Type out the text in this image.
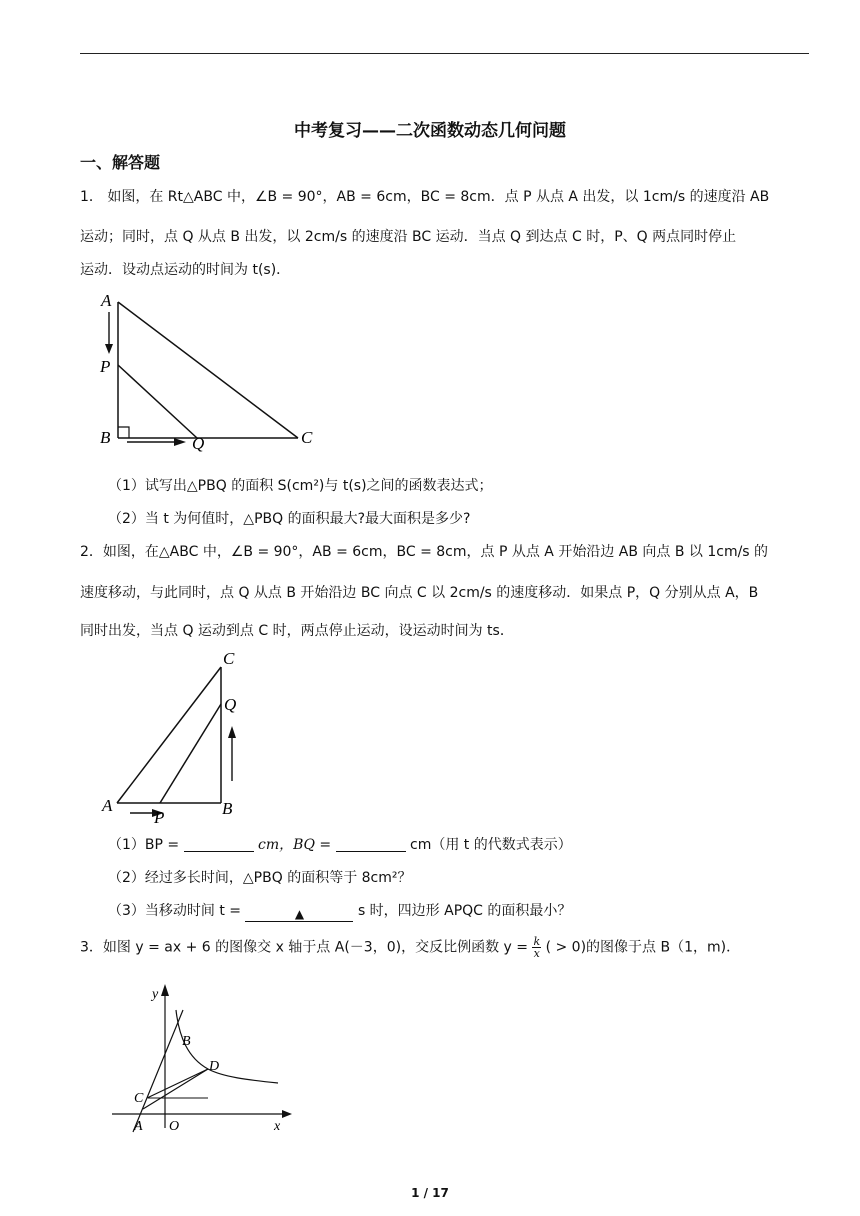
中考复习——二次函数动态几何问题
一、解答题
1． 如图，在 Rt△ABC 中，∠B = 90°，AB = 6cm，BC = 8cm．点 P 从点 A 出发，以 1cm/s 的速度沿 AB
运动；同时，点 Q 从点 B 出发，以 2cm/s 的速度沿 BC 运动．当点 Q 到达点 C 时，P、Q 两点同时停止
运动．设动点运动的时间为 t(s)．
A
P
B	Q	C
（1）试写出△PBQ 的面积 S(cm²)与 t(s)之间的函数表达式；
（2）当 t 为何值时，△PBQ 的面积最大?最大面积是多少?
2．如图，在△ABC 中，∠B = 90°，AB = 6cm，BC = 8cm，点 P 从点 A 开始沿边 AB 向点 B 以 1cm/s 的
速度移动，与此同时，点 Q 从点 B 开始沿边 BC 向点 C 以 2cm/s 的速度移动．如果点 P，Q 分别从点 A，B
同时出发，当点 Q 运动到点 C 时，两点停止运动，设运动时间为 ts．
C
Q
A
P	B
（1）BP =	cm，BQ =	cm（用 t 的代数式表示）
（2）经过多长时间，△PBQ 的面积等于 8cm²？
（3）当移动时间 t =	▲	s 时，四边形 APQC 的面积最小？
3．如图 y = ax + 6 的图像交 x 轴于点 A(－3，0)，交反比例函数 $y = \frac{k}{x}$ ( > 0)的图像于点 B（1，m)．
y
B
C
D
A O	x
1 / 17
